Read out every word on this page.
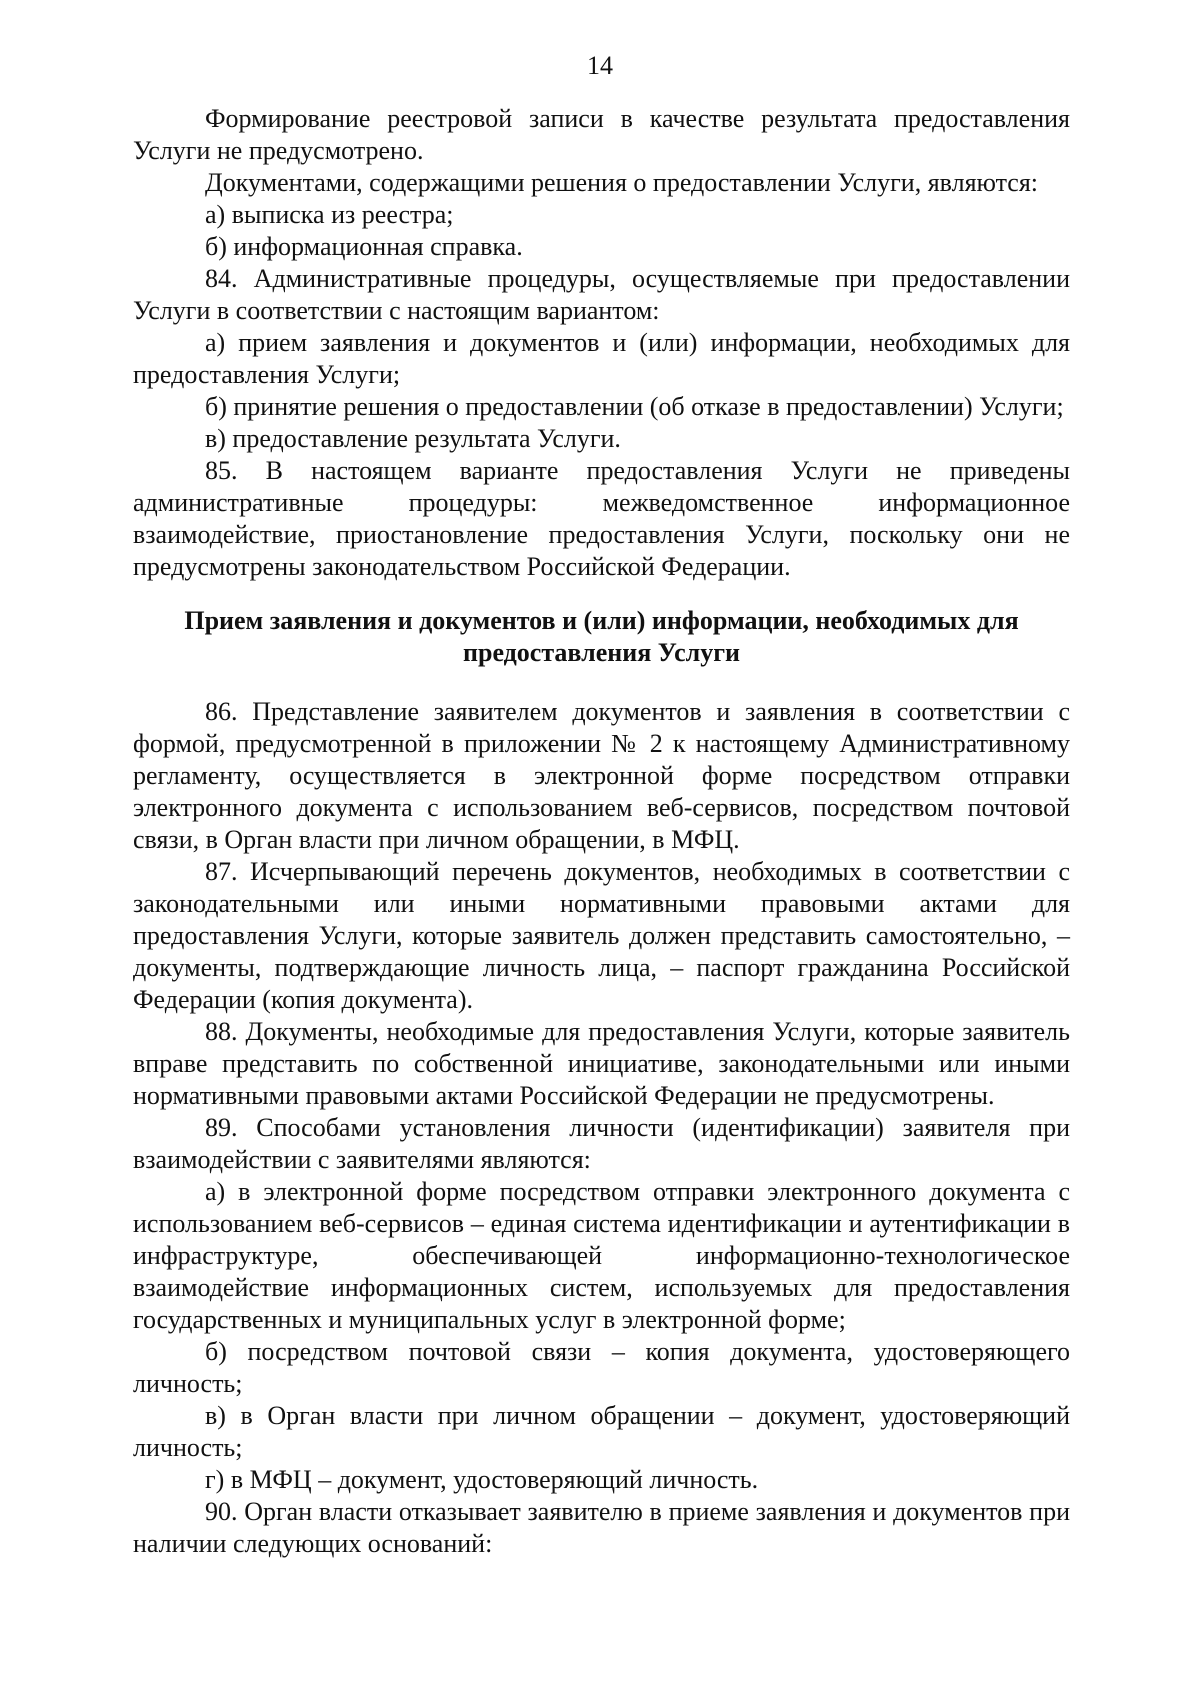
14

Формирование реестровой записи в качестве результата предоставления Услуги не предусмотрено.

Документами, содержащими решения о предоставлении Услуги, являются:

а) выписка из реестра;

б) информационная справка.

84. Административные процедуры, осуществляемые при предоставлении Услуги в соответствии с настоящим вариантом:

а) прием заявления и документов и (или) информации, необходимых для предоставления Услуги;

б) принятие решения о предоставлении (об отказе в предоставлении) Услуги;

в) предоставление результата Услуги.

85. В настоящем варианте предоставления Услуги не приведены административные процедуры: межведомственное информационное взаимодействие, приостановление предоставления Услуги, поскольку они не предусмотрены законодательством Российской Федерации.

Прием заявления и документов и (или) информации, необходимых для
предоставления Услуги

86. Представление заявителем документов и заявления в соответствии с формой, предусмотренной в приложении № 2 к настоящему Административному регламенту, осуществляется в электронной форме посредством отправки электронного документа с использованием веб-сервисов, посредством почтовой связи, в Орган власти при личном обращении, в МФЦ.

87. Исчерпывающий перечень документов, необходимых в соответствии с законодательными или иными нормативными правовыми актами для предоставления Услуги, которые заявитель должен представить самостоятельно, – документы, подтверждающие личность лица, – паспорт гражданина Российской Федерации (копия документа).

88. Документы, необходимые для предоставления Услуги, которые заявитель вправе представить по собственной инициативе, законодательными или иными нормативными правовыми актами Российской Федерации не предусмотрены.

89. Способами установления личности (идентификации) заявителя при взаимодействии с заявителями являются:

а) в электронной форме посредством отправки электронного документа с использованием веб-сервисов – единая система идентификации и аутентификации в инфраструктуре, обеспечивающей информационно-технологическое взаимодействие информационных систем, используемых для предоставления государственных и муниципальных услуг в электронной форме;

б) посредством почтовой связи – копия документа, удостоверяющего личность;

в) в Орган власти при личном обращении – документ, удостоверяющий личность;

г) в МФЦ – документ, удостоверяющий личность.

90. Орган власти отказывает заявителю в приеме заявления и документов при наличии следующих оснований:
